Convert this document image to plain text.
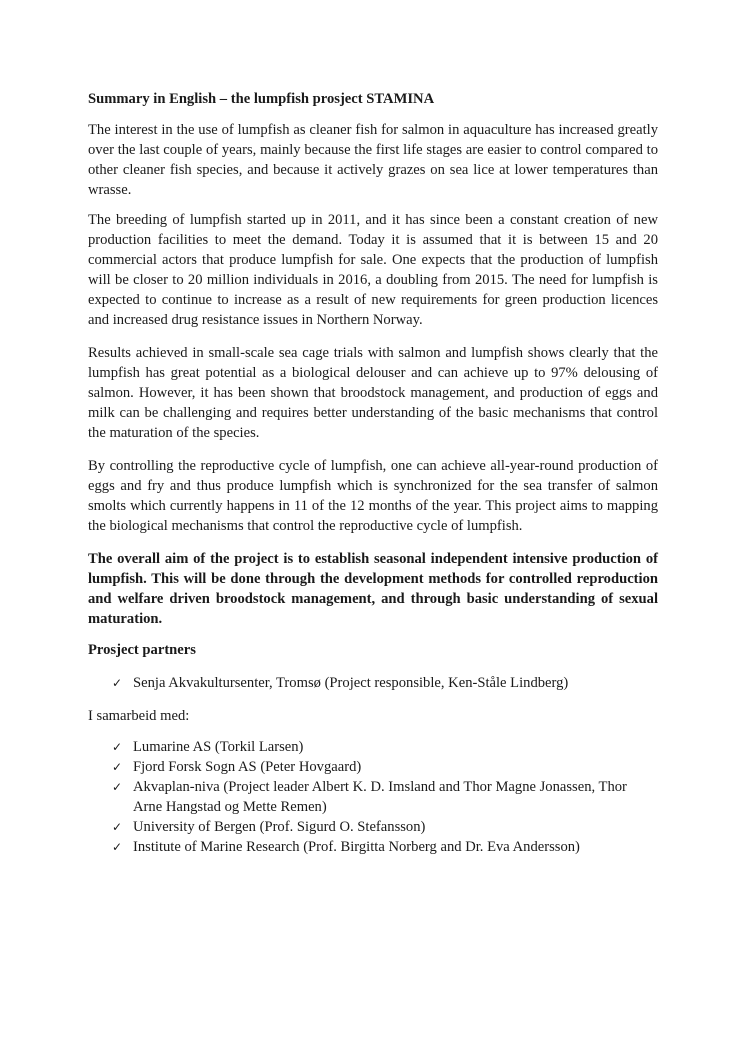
Summary in English – the lumpfish prosject STAMINA

The interest in the use of lumpfish as cleaner fish for salmon in aquaculture has increased greatly over the last couple of years, mainly because the first life stages are easier to control compared to other cleaner fish species, and because it actively grazes on sea lice at lower temperatures than wrasse.

The breeding of lumpfish started up in 2011, and it has since been a constant creation of new production facilities to meet the demand. Today it is assumed that it is between 15 and 20 commercial actors that produce lumpfish for sale. One expects that the production of lumpfish will be closer to 20 million individuals in 2016, a doubling from 2015. The need for lumpfish is expected to continue to increase as a result of new requirements for green production licences and increased drug resistance issues in Northern Norway.

Results achieved in small-scale sea cage trials with salmon and lumpfish shows clearly that the lumpfish has great potential as a biological delouser and can achieve up to 97% delousing of salmon. However, it has been shown that broodstock management, and production of eggs and milk can be challenging and requires better understanding of the basic mechanisms that control the maturation of the species.

By controlling the reproductive cycle of lumpfish, one can achieve all-year-round production of eggs and fry and thus produce lumpfish which is synchronized for the sea transfer of salmon smolts which currently happens in 11 of the 12 months of the year. This project aims to mapping the biological mechanisms that control the reproductive cycle of lumpfish.

The overall aim of the project is to establish seasonal independent intensive production of lumpfish. This will be done through the development methods for controlled reproduction and welfare driven broodstock management, and through basic understanding of sexual maturation.

Prosject partners

✓ Senja Akvakultursenter, Tromsø (Project responsible, Ken-Ståle Lindberg)

I samarbeid med:

✓ Lumarine AS (Torkil Larsen)
✓ Fjord Forsk Sogn AS (Peter Hovgaard)
✓ Akvaplan-niva (Project leader Albert K. D. Imsland and Thor Magne Jonassen, Thor Arne Hangstad og Mette Remen)
✓ University of Bergen (Prof. Sigurd O. Stefansson)
✓ Institute of Marine Research (Prof. Birgitta Norberg and Dr. Eva Andersson)
